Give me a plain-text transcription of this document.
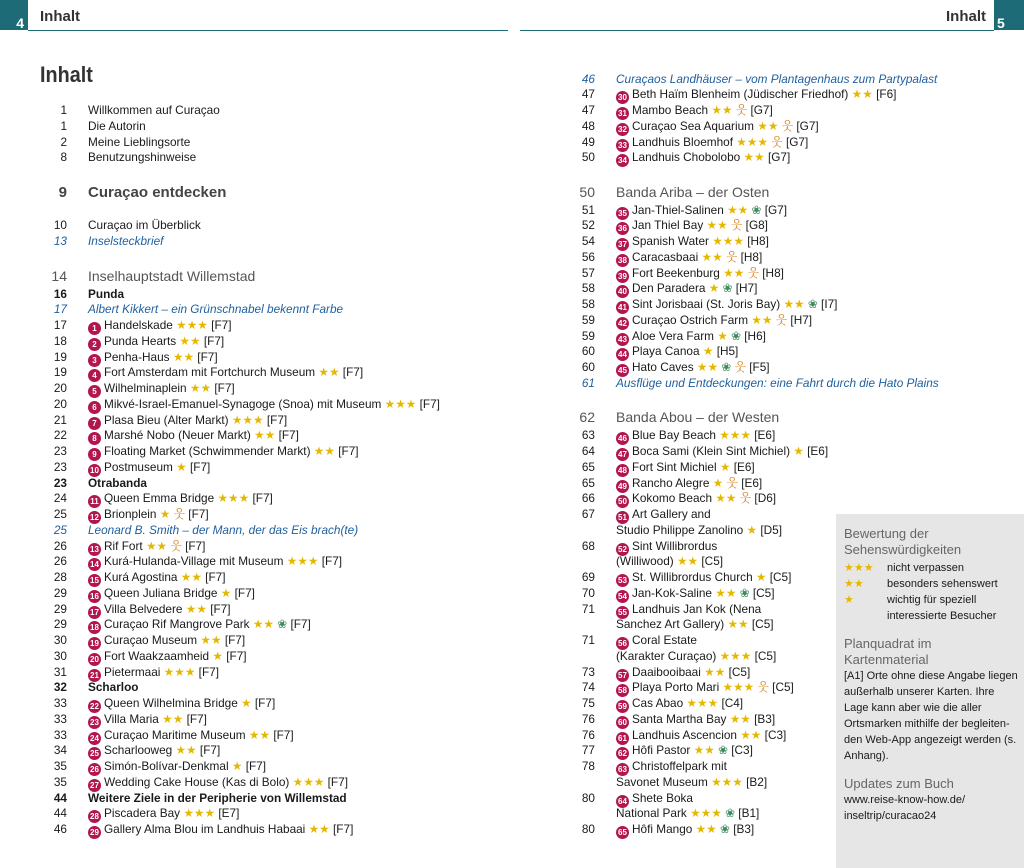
4 Inhalt	5
Inhalt
Inhalt
1 Willkommen auf Curaçao
1 Die Autorin
2 Meine Lieblingsorte
8 Benutzungshinweise
9 Curaçao entdecken
10 Curaçao im Überblick
13 Inselsteckbrief
14 Inselhauptstadt Willemstad
16 Punda
17 Albert Kikkert – ein Grünschnabel bekennt Farbe
17	1 Handelskade ★★★ [F7]
18	2 Punda Hearts ★★ [F7]
19	3 Penha-Haus ★★ [F7]
19	4 Fort Amsterdam mit Fortchurch Museum ★★ [F7]
20	5 Wilhelminaplein ★★ [F7]
20	6 Mikvé-Israel-Emanuel-Synagoge (Snoa) mit Museum ★★★ [F7]
21	7 Plasa Bieu (Alter Markt) ★★★ [F7]
22	8 Marshé Nobo (Neuer Markt) ★★ [F7]
23	9 Floating Market (Schwimmender Markt) ★★ [F7]
23	10 Postmuseum ★ [F7]
23 Otrabanda
24	11 Queen Emma Bridge ★★★ [F7]
25	12 Brionplein ★ 웃 [F7]
25 Leonard B. Smith – der Mann, der das Eis brach(te)
26	13 Rif Fort ★★ 웃 [F7]
26	14 Kurá-Hulanda-Village mit Museum ★★★ [F7]
28	15 Kurá Agostina ★★ [F7]
29	16 Queen Juliana Bridge ★ [F7]
29	17 Villa Belvedere ★★ [F7]
29	18 Curaçao Rif Mangrove Park ★★ ❀ [F7]
30	19 Curaçao Museum ★★ [F7]
30	20 Fort Waakzaamheid ★ [F7]
31	21 Pietermaai ★★★ [F7]
32 Scharloo
33	22 Queen Wilhelmina Bridge ★ [F7]
33	23 Villa Maria ★★ [F7]
33	24 Curaçao Maritime Museum ★★ [F7]
34	25 Scharlooweg ★★ [F7]
35	26 Simón-Bolívar-Denkmal ★ [F7]
35	27 Wedding Cake House (Kas di Bolo) ★★★ [F7]
44 Weitere Ziele in der Peripherie von Willemstad
44	28 Piscadera Bay ★★★ [E7]
46	29 Gallery Alma Blou im Landhuis Habaai ★★ [F7]
46 Curaçaos Landhäuser – vom Plantagenhaus zum Partypalast
47	30 Beth Haïm Blenheim (Jüdischer Friedhof) ★★ [F6]
47	31 Mambo Beach ★★ 웃 [G7]
48	32 Curaçao Sea Aquarium ★★ 웃 [G7]
49	33 Landhuis Bloemhof ★★★ 웃 [G7]
50	34 Landhuis Chobolobo ★★ [G7]
50 Banda Ariba – der Osten
51	35 Jan-Thiel-Salinen ★★ ❀ [G7]
52	36 Jan Thiel Bay ★★ 웃 [G8]
54	37 Spanish Water ★★★ [H8]
56	38 Caracasbaai ★★ 웃 [H8]
57	39 Fort Beekenburg ★★ 웃 [H8]
58	40 Den Paradera ★ ❀ [H7]
58	41 Sint Jorisbaai (St. Joris Bay) ★★ ❀ [I7]
59	42 Curaçao Ostrich Farm ★★ 웃 [H7]
59	43 Aloe Vera Farm ★ ❀ [H6]
60	44 Playa Canoa ★ [H5]
60	45 Hato Caves ★★ ❀ 웃 [F5]
61 Ausflüge und Entdeckungen: eine Fahrt durch die Hato Plains
62 Banda Abou – der Westen
63	46 Blue Bay Beach ★★★ [E6]
64	47 Boca Sami (Klein Sint Michiel) ★ [E6]
65	48 Fort Sint Michiel ★ [E6]
65	49 Rancho Alegre ★ 웃 [E6]
66	50 Kokomo Beach ★★ 웃 [D6]
67	51 Art Gallery and
Studio Philippe Zanolino ★ [D5]
68	52 Sint Willibrordus
(Williwood) ★★ [C5]
69	53 St. Willibrordus Church ★ [C5]
70	54 Jan-Kok-Saline ★★ ❀ [C5]
71	55 Landhuis Jan Kok (Nena
Sanchez Art Gallery) ★★ [C5]
71	56 Coral Estate
(Karakter Curaçao) ★★★ [C5]
73	57 Daaibooibaai ★★ [C5]
74	58 Playa Porto Mari ★★★ 웃 [C5]
75	59 Cas Abao ★★★ [C4]
76	60 Santa Martha Bay ★★ [B3]
76	61 Landhuis Ascencion ★★ [C3]
77	62 Hôfi Pastor ★★ ❀ [C3]
78	63 Christoffelpark mit
Savonet Museum ★★★ [B2]
80	64 Shete Boka
National Park ★★★ ❀ [B1]
80	65 Hôfi Mango ★★ ❀ [B3]
Bewertung der Sehenswürdigkeiten
★★★ nicht verpassen
★★ besonders sehenswert
★	wichtig für speziell
interessierte Besucher
Planquadrat im Kartenmaterial
[A1] Orte ohne diese Angabe liegen außerhalb unserer Karten. Ihre Lage kann aber wie die aller Ortsmarken mithilfe der begleiten-den Web-App angezeigt werden (s. Anhang).
Updates zum Buch
www.reise-know-how.de/ inseltrip/curacao24
